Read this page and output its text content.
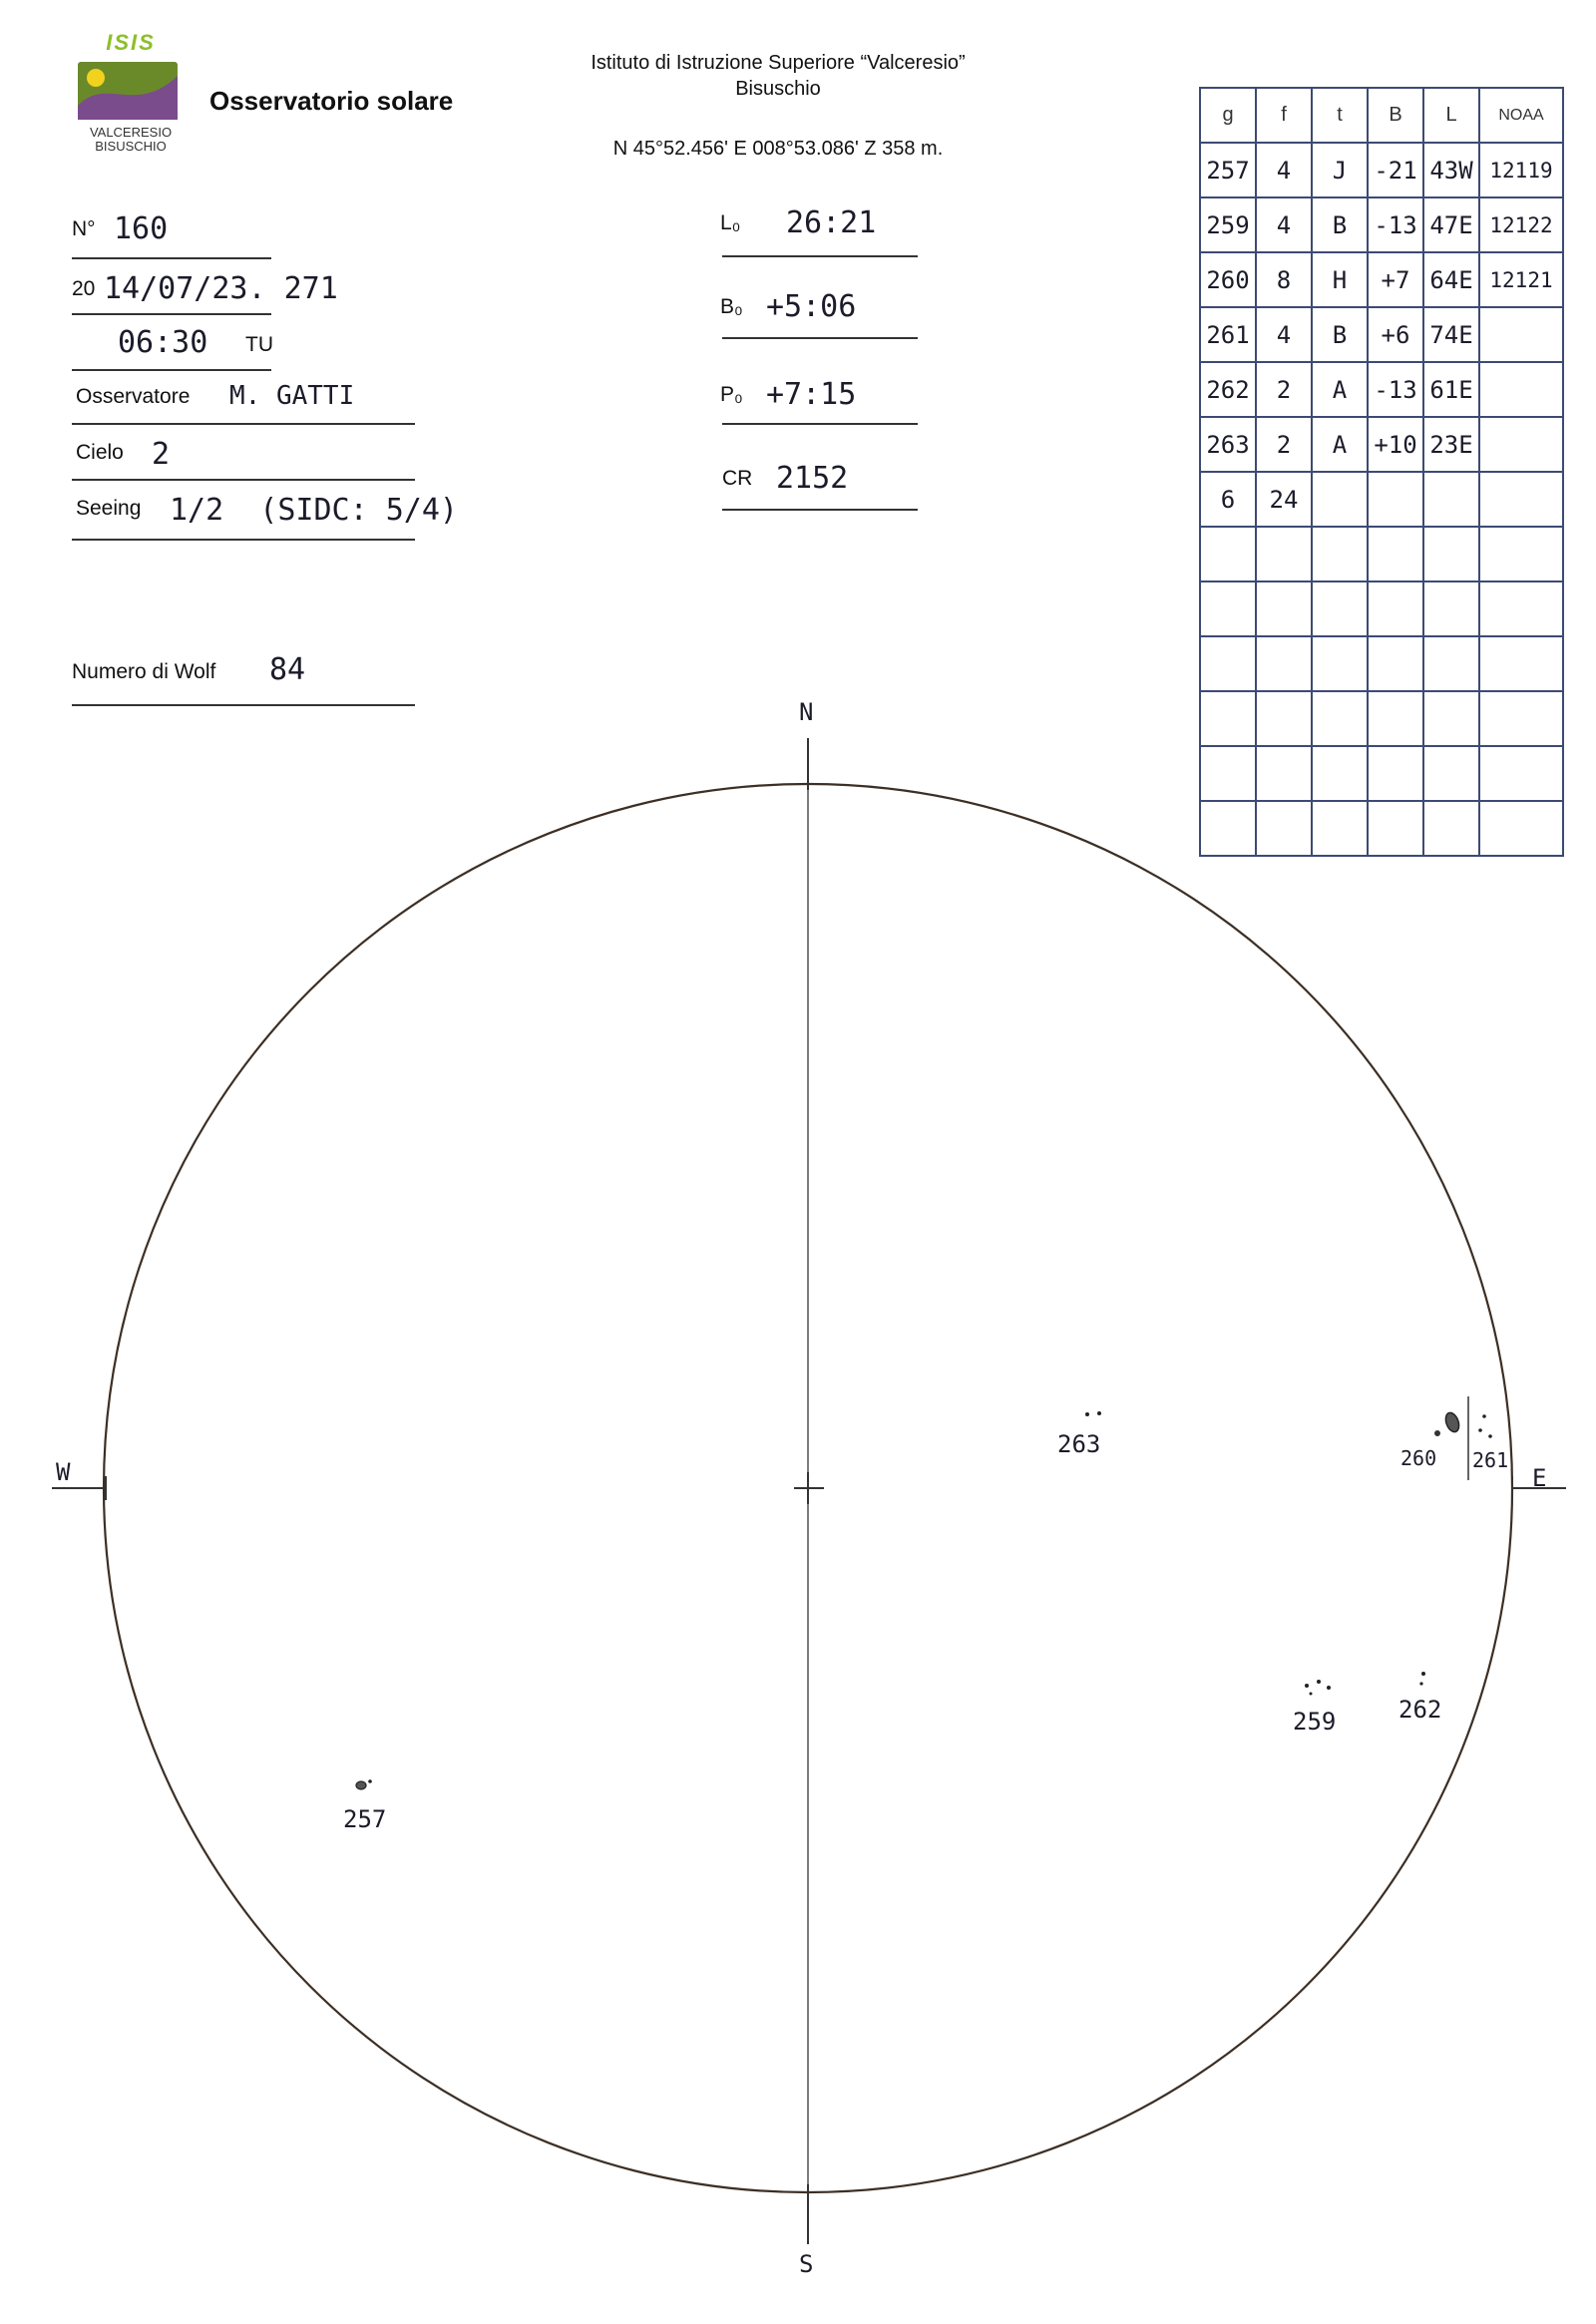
ISIS
VALCERESIO
BISUSCHIO
Osservatorio solare
Istituto di Istruzione Superiore “Valceresio”
Bisuschio
N 45°52.456' E 008°53.086' Z 358 m.
N° 160
20 14/07/23. 271
06:30 TU
Osservatore M. GATTI
Cielo 2
Seeing 1/2  (SIDC: 5/4)
Numero di Wolf 84
L₀ 26:21
B₀ +5:06
P₀ +7:15
CR 2152
g	f	t	B	L	NOAA
257	4	J	-21	43W	12119
259	4	B	-13	47E	12122
260	8	H	+7	64E	12121
261	4	B	+6	74E	
262	2	A	-13	61E	
263	2	A	+10	23E	
6	24				

N
S
W	E
263	260 261
259	262
257
